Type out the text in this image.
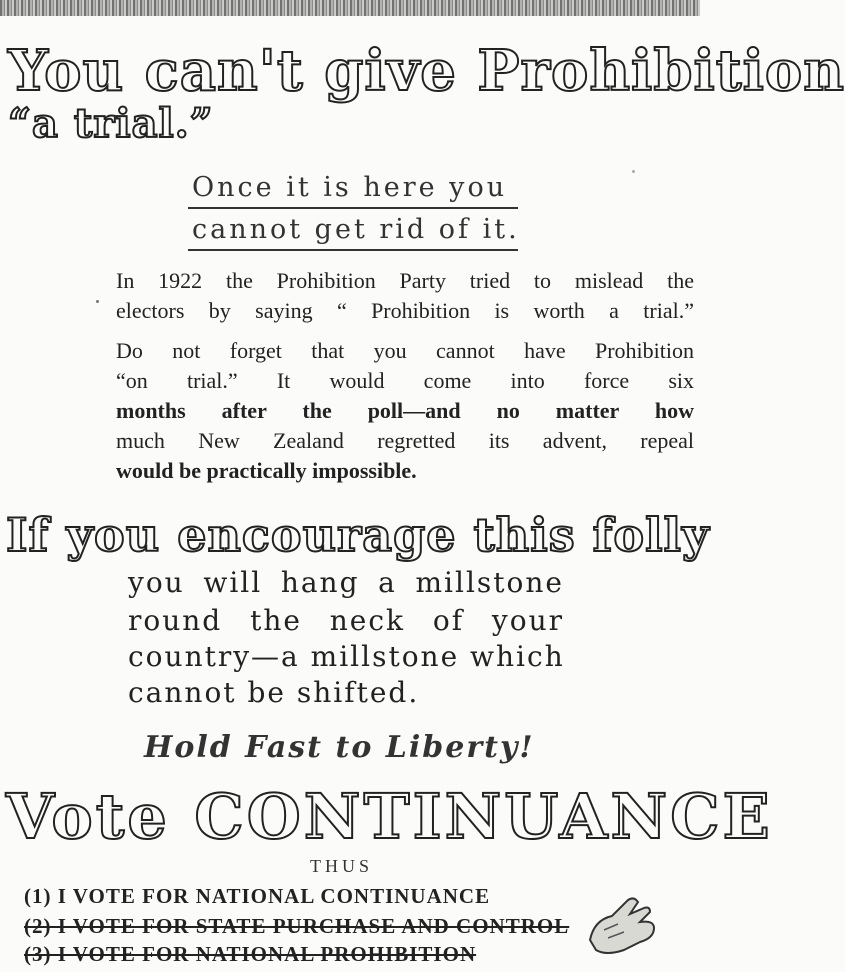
You can't give Prohibition
“a trial.”
Once it is here you
cannot get rid of it.
In 1922 the Prohibition Party tried to mislead the
electors by saying “ Prohibition is worth a trial.”
Do not forget that you cannot have Prohibition
“on trial.” It would come into force six
months after the poll—and no matter how
much New Zealand regretted its advent, repeal
would be practically impossible.
If you encourage this folly
you will hang a millstone
round the neck of your
country—a millstone which
cannot be shifted.
Hold Fast to Liberty!
Vote CONTINUANCE
THUS
(1) I VOTE FOR NATIONAL CONTINUANCE
(2) I VOTE FOR STATE PURCHASE AND CONTROL
(3) I VOTE FOR NATIONAL PROHIBITION
